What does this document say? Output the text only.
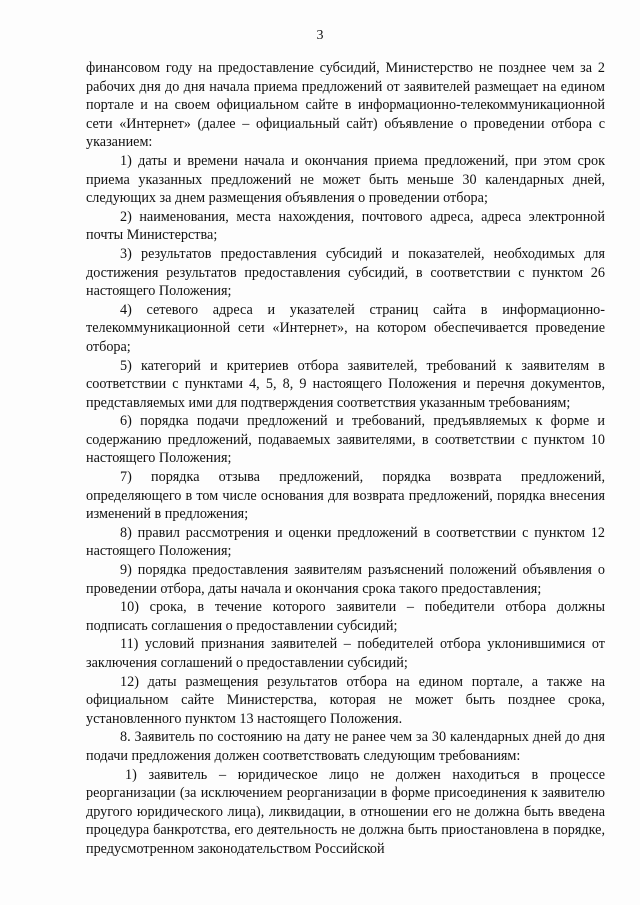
3

финансовом году на предоставление субсидий, Министерство не позднее чем за 2 рабочих дня до дня начала приема предложений от заявителей размещает на едином портале и на своем официальном сайте в информационно-телекоммуникационной сети «Интернет» (далее – официальный сайт) объявление о проведении отбора с указанием:

1) даты и времени начала и окончания приема предложений, при этом срок приема указанных предложений не может быть меньше 30 календарных дней, следующих за днем размещения объявления о проведении отбора;

2) наименования, места нахождения, почтового адреса, адреса электронной почты Министерства;

3) результатов предоставления субсидий и показателей, необходимых для достижения результатов предоставления субсидий, в соответствии с пунктом 26 настоящего Положения;

4) сетевого адреса и указателей страниц сайта в информационно-телекоммуникационной сети «Интернет», на котором обеспечивается проведение отбора;

5) категорий и критериев отбора заявителей, требований к заявителям в соответствии с пунктами 4, 5, 8, 9 настоящего Положения и перечня документов, представляемых ими для подтверждения соответствия указанным требованиям;

6) порядка подачи предложений и требований, предъявляемых к форме и содержанию предложений, подаваемых заявителями, в соответствии с пунктом 10 настоящего Положения;

7) порядка отзыва предложений, порядка возврата предложений, определяющего в том числе основания для возврата предложений, порядка внесения изменений в предложения;

8) правил рассмотрения и оценки предложений в соответствии с пунктом 12 настоящего Положения;

9) порядка предоставления заявителям разъяснений положений объявления о проведении отбора, даты начала и окончания срока такого предоставления;

10) срока, в течение которого заявители – победители отбора должны подписать соглашения о предоставлении субсидий;

11) условий признания заявителей – победителей отбора уклонившимися от заключения соглашений о предоставлении субсидий;

12) даты размещения результатов отбора на едином портале, а также на официальном сайте Министерства, которая не может быть позднее срока, установленного пунктом 13 настоящего Положения.

8. Заявитель по состоянию на дату не ранее чем за 30 календарных дней до дня подачи предложения должен соответствовать следующим требованиям:

1) заявитель – юридическое лицо не должен находиться в процессе реорганизации (за исключением реорганизации в форме присоединения к заявителю другого юридического лица), ликвидации, в отношении его не должна быть введена процедура банкротства, его деятельность не должна быть приостановлена в порядке, предусмотренном законодательством Российской
